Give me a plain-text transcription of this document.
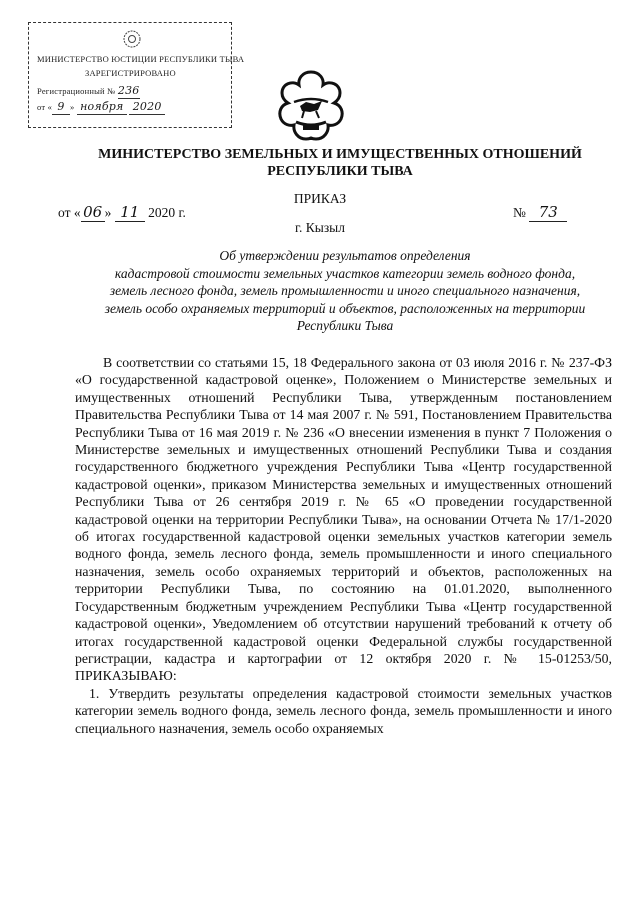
МИНИСТЕРСТВО ЮСТИЦИИ РЕСПУБЛИКИ ТЫВА
ЗАРЕГИСТРИРОВАНО
Регистрационный № 236
от « 9 » ноября 2020
МИНИСТЕРСТВО ЗЕМЕЛЬНЫХ И ИМУЩЕСТВЕННЫХ ОТНОШЕНИЙ
РЕСПУБЛИКИ ТЫВА
ПРИКАЗ
от « 06 » 11 2020 г.	№ 73
г. Кызыл
Об утверждении результатов определения
кадастровой стоимости земельных участков категории земель водного фонда,
земель лесного фонда, земель промышленности и иного специального назначения,
земель особо охраняемых территорий и объектов, расположенных на территории
Республики Тыва

В соответствии со статьями 15, 18 Федерального закона от 03 июля 2016 г. № 237-ФЗ «О государственной кадастровой оценке», Положением о Министерстве земельных и имущественных отношений Республики Тыва, утвержденным постановлением Правительства Республики Тыва от 14 мая 2007 г. № 591, Постановлением Правительства Республики Тыва от 16 мая 2019 г. № 236 «О внесении изменения в пункт 7 Положения о Министерстве земельных и имущественных отношений Республики Тыва и создания государственного бюджетного учреждения Республики Тыва «Центр государственной кадастровой оценки», приказом Министерства земельных и имущественных отношений Республики Тыва от 26 сентября 2019 г. № 65 «О проведении государственной кадастровой оценки на территории Республики Тыва», на основании Отчета № 17/1-2020 об итогах государственной кадастровой оценки земельных участков категории земель водного фонда, земель лесного фонда, земель промышленности и иного специального назначения, земель особо охраняемых территорий и объектов, расположенных на территории Республики Тыва, по состоянию на 01.01.2020, выполненного Государственным бюджетным учреждением Республики Тыва «Центр государственной кадастровой оценки», Уведомлением об отсутствии нарушений требований к отчету об итогах государственной кадастровой оценки Федеральной службы государственной регистрации, кадастра и картографии от 12 октября 2020 г. № 15-01253/50, ПРИКАЗЫВАЮ:

1. Утвердить результаты определения кадастровой стоимости земельных участков категории земель водного фонда, земель лесного фонда, земель промышленности и иного специального назначения, земель особо охраняемых
